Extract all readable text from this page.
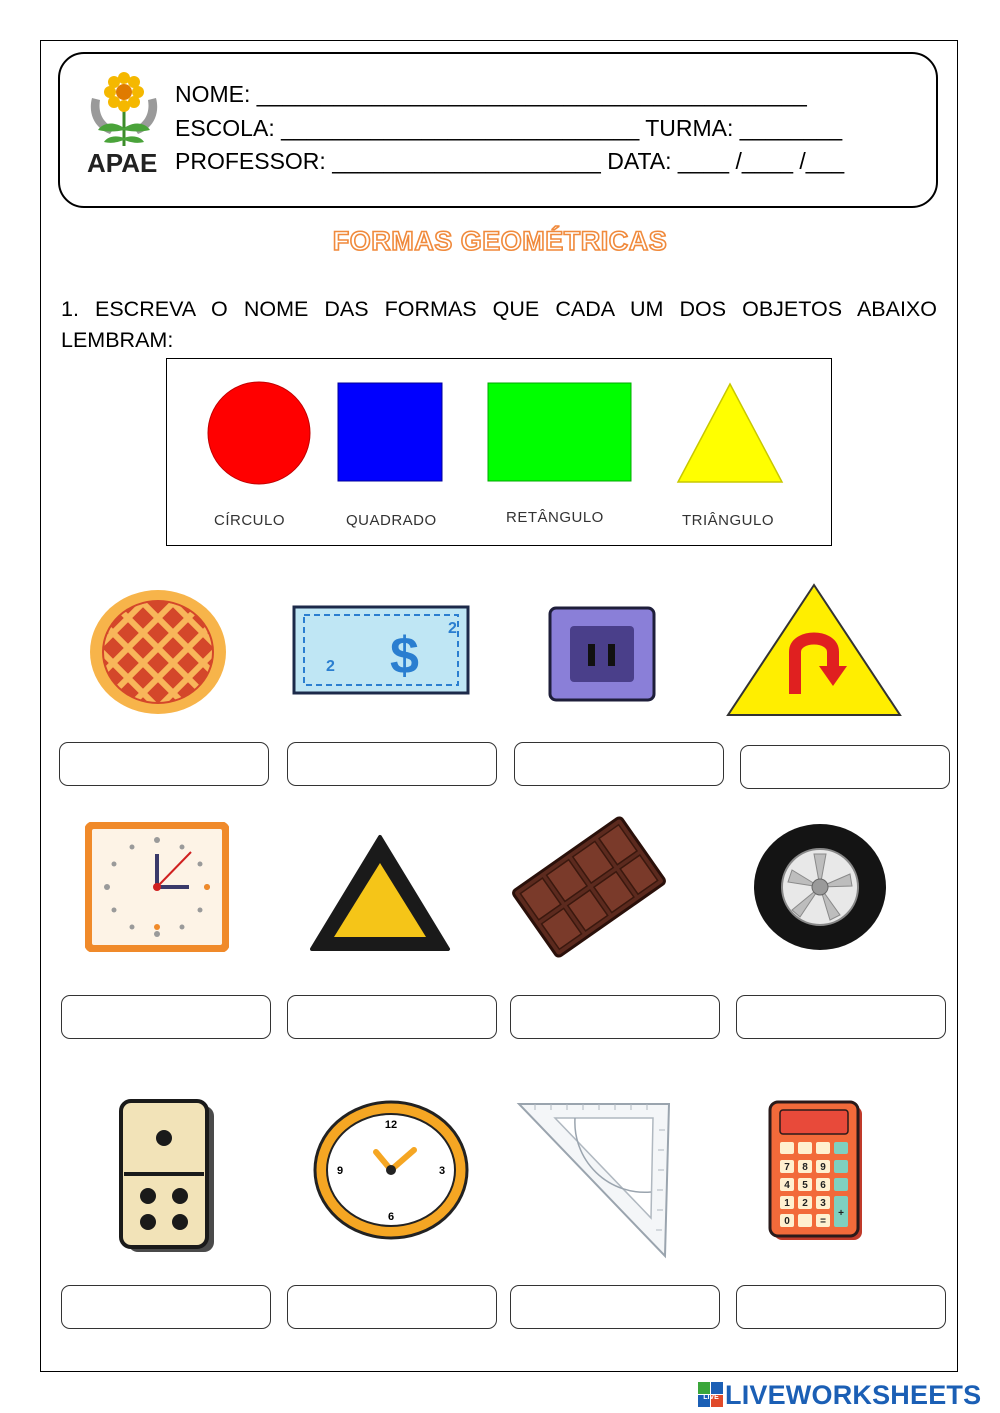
APAE
NOME: ___________________________________________
ESCOLA: ____________________________ TURMA: ________
PROFESSOR: _____________________ DATA: ____ /____ /___
FORMAS GEOMÉTRICAS
1. ESCREVA O NOME DAS FORMAS QUE CADA UM DOS OBJETOS ABAIXO LEMBRAM:
CÍRCULO	QUADRADO	RETÂNGULO	TRIÂNGULO
$
2
2
12
3
6
9	7 8 9
4 5 6
1 2 3
0	=
+
LIVE LIVEWORKSHEETS
